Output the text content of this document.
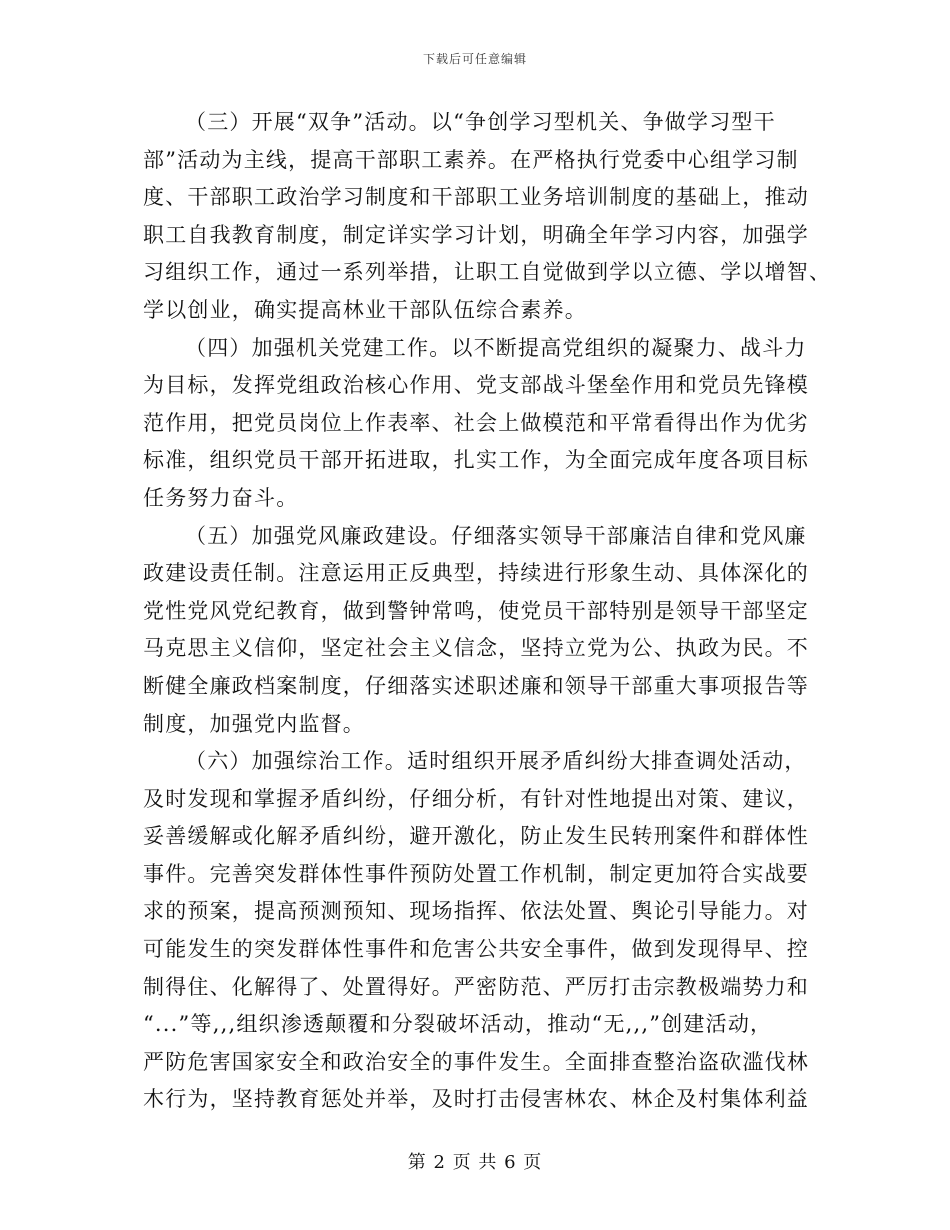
下载后可任意编辑
（三）开展“双争”活动。以“争创学习型机关、争做学习型干
部”活动为主线，提高干部职工素养。在严格执行党委中心组学习制
度、干部职工政治学习制度和干部职工业务培训制度的基础上，推动
职工自我教育制度，制定详实学习计划，明确全年学习内容，加强学
习组织工作，通过一系列举措，让职工自觉做到学以立德、学以增智、
学以创业，确实提高林业干部队伍综合素养。
（四）加强机关党建工作。以不断提高党组织的凝聚力、战斗力
为目标，发挥党组政治核心作用、党支部战斗堡垒作用和党员先锋模
范作用，把党员岗位上作表率、社会上做模范和平常看得出作为优劣
标准，组织党员干部开拓进取，扎实工作，为全面完成年度各项目标
任务努力奋斗。
（五）加强党风廉政建设。仔细落实领导干部廉洁自律和党风廉
政建设责任制。注意运用正反典型，持续进行形象生动、具体深化的
党性党风党纪教育，做到警钟常鸣，使党员干部特别是领导干部坚定
马克思主义信仰，坚定社会主义信念，坚持立党为公、执政为民。不
断健全廉政档案制度，仔细落实述职述廉和领导干部重大事项报告等
制度，加强党内监督。
（六）加强综治工作。适时组织开展矛盾纠纷大排查调处活动，
及时发现和掌握矛盾纠纷，仔细分析，有针对性地提出对策、建议，
妥善缓解或化解矛盾纠纷，避开激化，防止发生民转刑案件和群体性
事件。完善突发群体性事件预防处置工作机制，制定更加符合实战要
求的预案，提高预测预知、现场指挥、依法处置、舆论引导能力。对
可能发生的突发群体性事件和危害公共安全事件，做到发现得早、控
制得住、化解得了、处置得好。严密防范、严厉打击宗教极端势力和
“...”等,,,组织渗透颠覆和分裂破坏活动，推动“无,,,”创建活动，
严防危害国家安全和政治安全的事件发生。全面排查整治盗砍滥伐林
木行为，坚持教育惩处并举，及时打击侵害林农、林企及村集体利益
第 2 页 共 6 页
